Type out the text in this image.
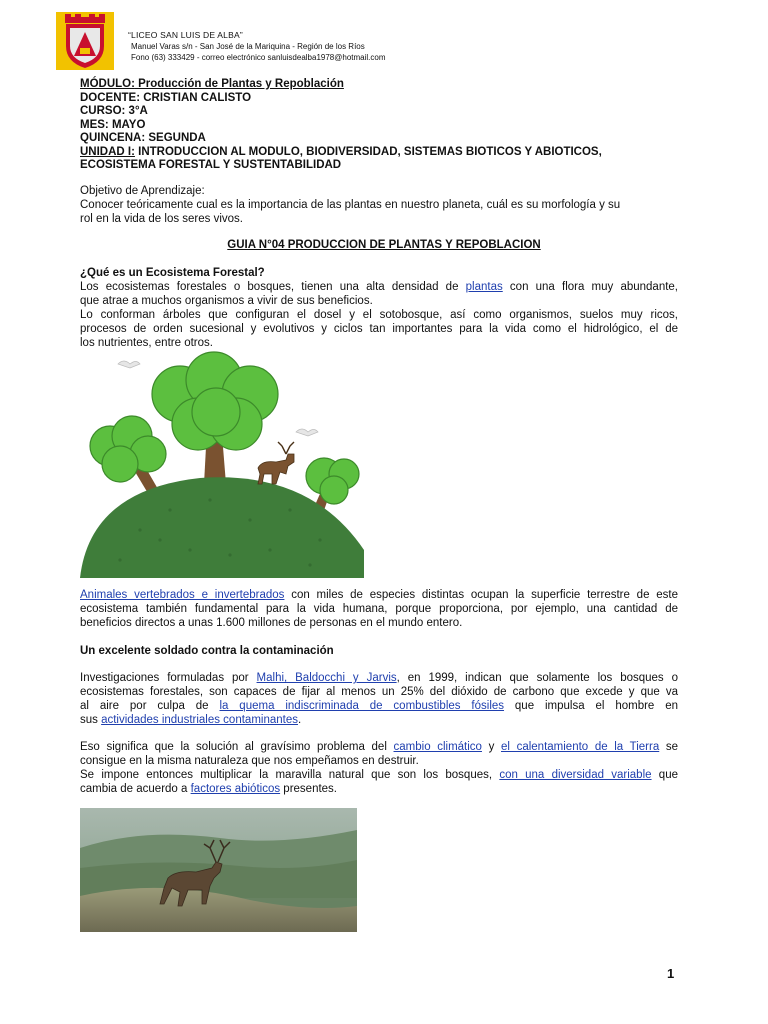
“LICEO SAN LUIS DE ALBA”
Manuel Varas s/n - San José de la Mariquina - Región de los Ríos
Fono (63) 333429 - correo electrónico sanluisdealba1978@hotmail.com
MÓDULO: Producción de Plantas y Repoblación
DOCENTE: CRISTIAN CALISTO
CURSO: 3°A
MES: MAYO
QUINCENA: SEGUNDA
UNIDAD I: INTRODUCCION AL MODULO, BIODIVERSIDAD, SISTEMAS BIOTICOS Y ABIOTICOS,
ECOSISTEMA FORESTAL Y SUSTENTABILIDAD
Objetivo de Aprendizaje:
Conocer teóricamente cual es la importancia de las plantas en nuestro planeta, cuál es su morfología y su
rol en la vida de los seres vivos.
GUIA N°04 PRODUCCION DE PLANTAS Y REPOBLACION
¿Qué es un Ecosistema Forestal?
Los ecosistemas forestales o bosques, tienen una alta densidad de plantas con una flora muy abundante,
que atrae a muchos organismos a vivir de sus beneficios.
Lo conforman árboles que configuran el dosel y el sotobosque, así como organismos, suelos muy ricos,
procesos de orden sucesional y evolutivos y ciclos tan importantes para la vida como el hidrológico, el de
los nutrientes, entre otros.
Animales vertebrados e invertebrados con miles de especies distintas ocupan la superficie terrestre de este
ecosistema también fundamental para la vida humana, porque proporciona, por ejemplo, una cantidad de
beneficios directos a unas 1.600 millones de personas en el mundo entero.
Un excelente soldado contra la contaminación
Investigaciones formuladas por Malhi, Baldocchi y Jarvis, en 1999, indican que solamente los bosques o
ecosistemas forestales, son capaces de fijar al menos un 25% del dióxido de carbono que excede y que va
al aire por culpa de la quema indiscriminada de combustibles fósiles que impulsa el hombre en
sus actividades industriales contaminantes.
Eso significa que la solución al gravísimo problema del cambio climático y el calentamiento de la Tierra se
consigue en la misma naturaleza que nos empeñamos en destruir.
Se impone entonces multiplicar la maravilla natural que son los bosques, con una diversidad variable que
cambia de acuerdo a factores abióticos presentes.
1
